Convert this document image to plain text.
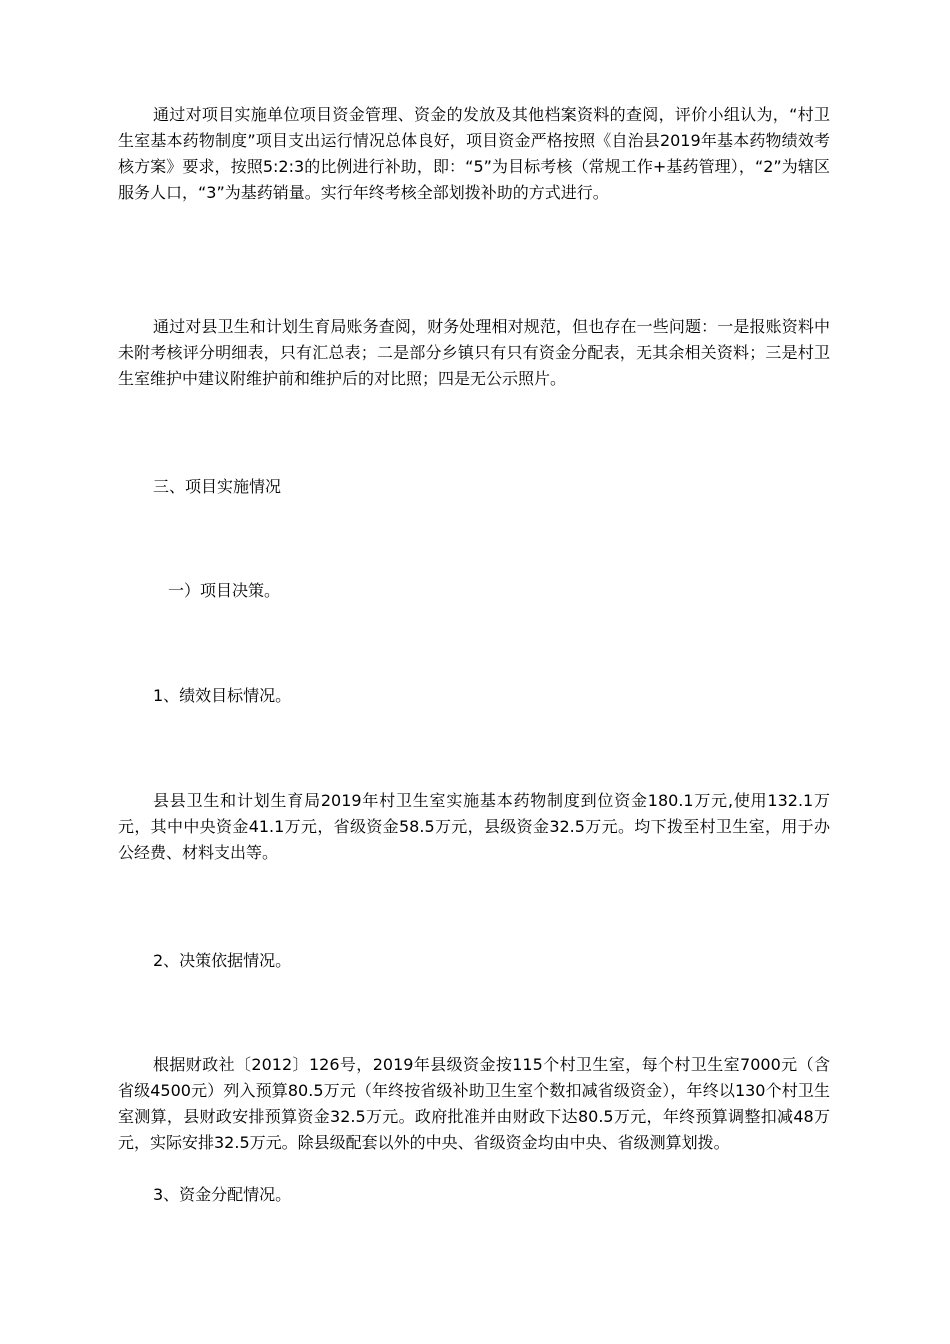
通过对项目实施单位项目资金管理、资金的发放及其他档案资料的查阅，评价小组认为，“村卫生室基本药物制度”项目支出运行情况总体良好，项目资金严格按照《自治县2019年基本药物绩效考核方案》要求，按照5:2:3的比例进行补助，即：“5”为目标考核（常规工作+基药管理），“2”为辖区服务人口，“3”为基药销量。实行年终考核全部划拨补助的方式进行。

通过对县卫生和计划生育局账务查阅，财务处理相对规范，但也存在一些问题：一是报账资料中未附考核评分明细表，只有汇总表；二是部分乡镇只有只有资金分配表，无其余相关资料；三是村卫生室维护中建议附维护前和维护后的对比照；四是无公示照片。

三、项目实施情况

一）项目决策。

1、绩效目标情况。

县县卫生和计划生育局2019年村卫生室实施基本药物制度到位资金180.1万元,使用132.1万元，其中中央资金41.1万元，省级资金58.5万元，县级资金32.5万元。均下拨至村卫生室，用于办公经费、材料支出等。

2、决策依据情况。

根据财政社〔2012〕126号，2019年县级资金按115个村卫生室，每个村卫生室7000元（含省级4500元）列入预算80.5万元（年终按省级补助卫生室个数扣减省级资金），年终以130个村卫生室测算，县财政安排预算资金32.5万元。政府批准并由财政下达80.5万元，年终预算调整扣减48万元，实际安排32.5万元。除县级配套以外的中央、省级资金均由中央、省级测算划拨。

3、资金分配情况。
